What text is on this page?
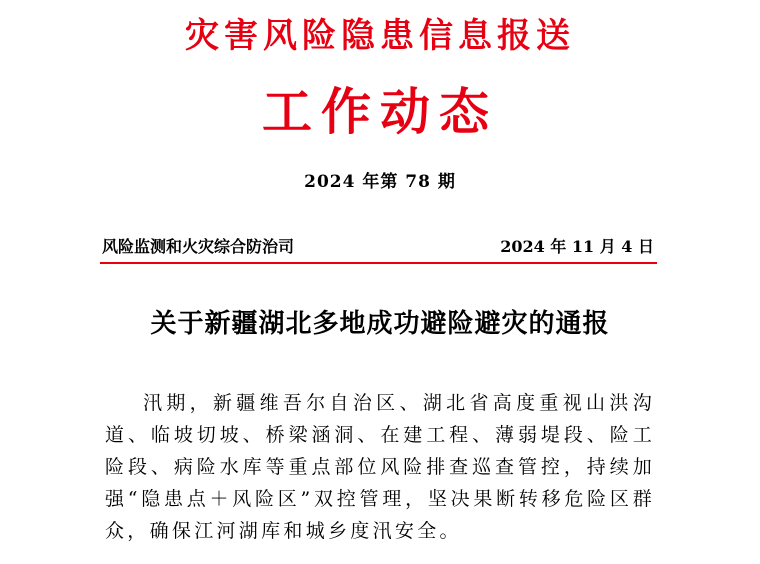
灾害风险隐患信息报送
工作动态
2024 年第 78 期
风险监测和火灾综合防治司	2024 年 11 月 4 日
关于新疆湖北多地成功避险避灾的通报
汛期，新疆维吾尔自治区、湖北省高度重视山洪沟道、临坡切坡、桥梁涵洞、在建工程、薄弱堤段、险工险段、病险水库等重点部位风险排查巡查管控，持续加强“隐患点＋风险区”双控管理，坚决果断转移危险区群众，确保江河湖库和城乡度汛安全。
